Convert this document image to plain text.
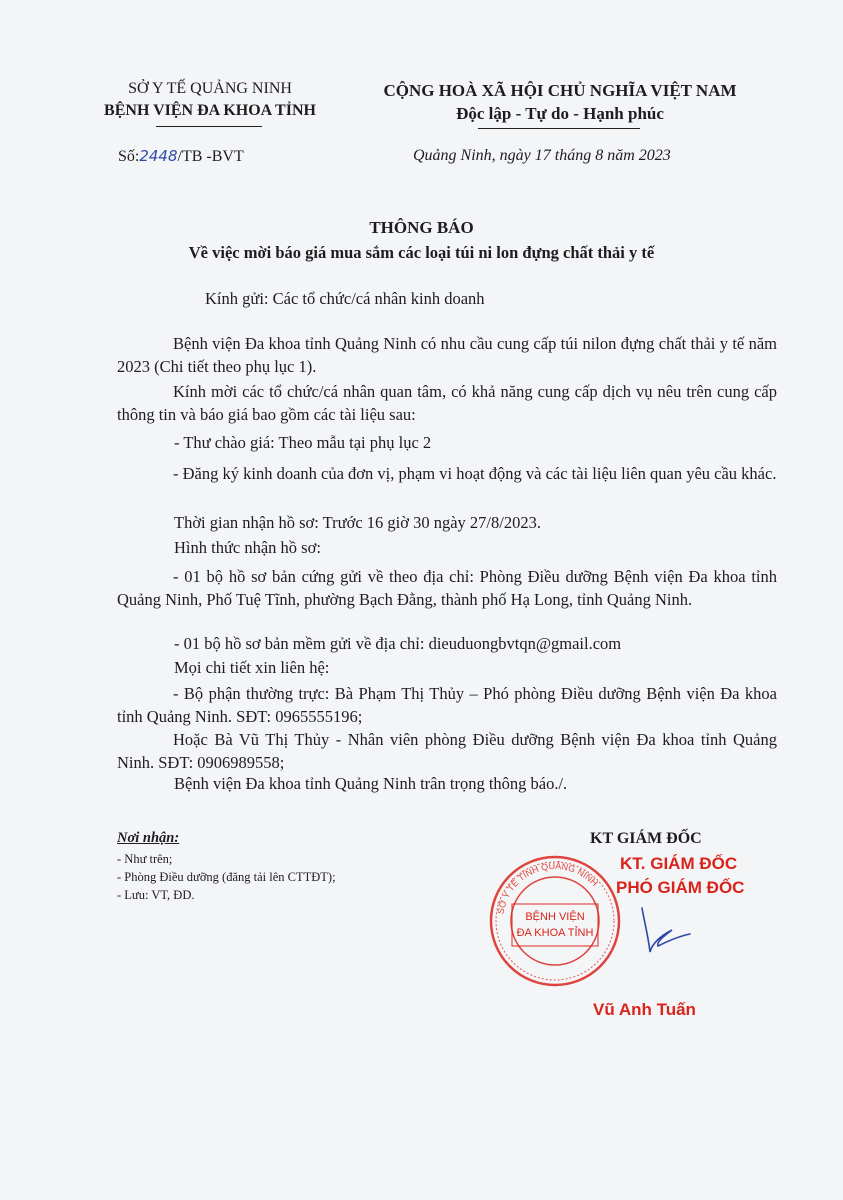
SỞ Y TẾ QUẢNG NINH
BỆNH VIỆN ĐA KHOA TỈNH
CỘNG HOÀ XÃ HỘI CHỦ NGHĨA VIỆT NAM
Độc lập - Tự do - Hạnh phúc
Số:2448/TB -BVT	Quảng Ninh, ngày 17 tháng 8 năm 2023
THÔNG BÁO
Về việc mời báo giá mua sắm các loại túi ni lon đựng chất thải y tế
Kính gửi: Các tổ chức/cá nhân kinh doanh
Bệnh viện Đa khoa tỉnh Quảng Ninh có nhu cầu cung cấp túi nilon đựng chất thải y tế năm 2023 (Chi tiết theo phụ lục 1).
Kính mời các tổ chức/cá nhân quan tâm, có khả năng cung cấp dịch vụ nêu trên cung cấp thông tin và báo giá bao gồm các tài liệu sau:
- Thư chào giá: Theo mẫu tại phụ lục 2
- Đăng ký kinh doanh của đơn vị, phạm vi hoạt động và các tài liệu liên quan yêu cầu khác.
Thời gian nhận hồ sơ: Trước 16 giờ 30 ngày 27/8/2023.
Hình thức nhận hồ sơ:
- 01 bộ hồ sơ bản cứng gửi về theo địa chỉ: Phòng Điều dưỡng Bệnh viện Đa khoa tỉnh Quảng Ninh, Phố Tuệ Tĩnh, phường Bạch Đằng, thành phố Hạ Long, tỉnh Quảng Ninh.
- 01 bộ hồ sơ bản mềm gửi về địa chỉ: dieuduongbvtqn@gmail.com
Mọi chi tiết xin liên hệ:
- Bộ phận thường trực: Bà Phạm Thị Thủy – Phó phòng Điều dưỡng Bệnh viện Đa khoa tỉnh Quảng Ninh. SĐT: 0965555196;
Hoặc Bà Vũ Thị Thủy - Nhân viên phòng Điều dưỡng Bệnh viện Đa khoa tỉnh Quảng Ninh. SĐT: 0906989558;
Bệnh viện Đa khoa tỉnh Quảng Ninh trân trọng thông báo./.
Nơi nhận:
- Như trên;
- Phòng Điều dưỡng (đăng tải lên CTTĐT);
- Lưu: VT, ĐD.
KT GIÁM ĐỐC
KT. GIÁM ĐỐC
PHÓ GIÁM ĐỐC
SỞ Y TẾ TỈNH QUẢNG NINH
BỆNH VIỆN
ĐA KHOA TỈNH
Vũ Anh Tuấn
